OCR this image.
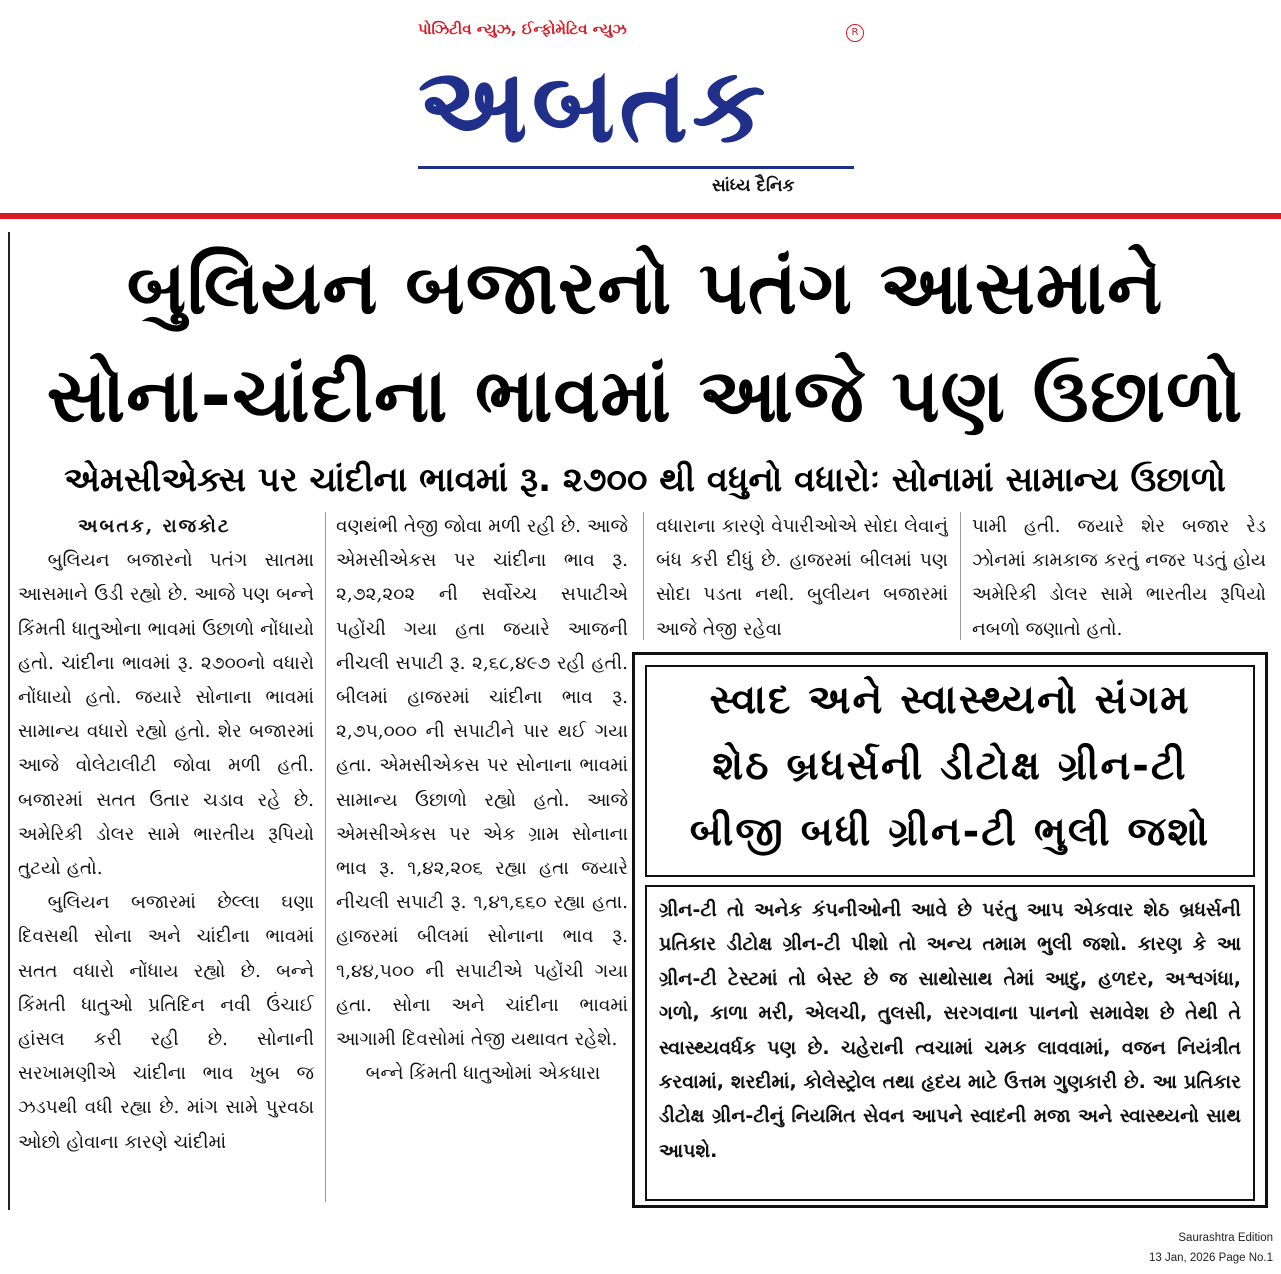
પોઝિટીવ ન્યુઝ, ઈન્ફોમેટિવ ન્યુઝ
અબતક
R
સાંધ્ય દૈનિક
બુલિયન બજારનો પતંગ આસમાને
સોના-ચાંદીના ભાવમાં આજે પણ ઉછાળો
એમસીએક્સ પર ચાંદીના ભાવમાં રૂ. ૨૭૦૦ થી વધુનો વધારોઃ સોનામાં સામાન્ય ઉછાળો

અબતક, રાજકોટ

બુલિયન બજારનો પતંગ સાતમા આસમાને ઉડી રહ્યો છે. આજે પણ બન્ને કિંમતી ધાતુઓના ભાવમાં ઉછાળો નોંધાયો હતો. ચાંદીના ભાવમાં રૂ. ૨૭૦૦નો વધારો નોંધાયો હતો. જયારે સોનાના ભાવમાં સામાન્ય વધારો રહ્યો હતો. શેર બજારમાં આજે વોલેટાલીટી જોવા મળી હતી. બજારમાં સતત ઉતાર ચડાવ રહે છે. અમેરિકી ડોલર સામે ભારતીય રૂપિયો તુટયો હતો.

બુલિયન બજારમાં છેલ્લા ઘણા દિવસથી સોના અને ચાંદીના ભાવમાં સતત વધારો નોંધાય રહ્યો છે. બન્ને કિંમતી ધાતુઓ પ્રતિદિન નવી ઉંચાઈ હાંસલ કરી રહી છે. સોનાની સરખામણીએ ચાંદીના ભાવ ખુબ જ ઝડપથી વધી રહ્યા છે. માંગ સામે પુરવઠા ઓછો હોવાના કારણે ચાંદીમાં

વણથંભી તેજી જોવા મળી રહી છે. આજે એમસીએકસ પર ચાંદીના ભાવ રૂ. ૨,૭૨,૨૦૨ ની સર્વોચ્ચ સપાટીએ પહોંચી ગયા હતા જયારે આજની નીચલી સપાટી રૂ. ૨,૬૮,૪૯૭ રહી હતી. બીલમાં હાજરમાં ચાંદીના ભાવ રૂ. ૨,૭૫,૦૦૦ ની સપાટીને પાર થઈ ગયા હતા. એમસીએકસ પર સોનાના ભાવમાં સામાન્ય ઉછાળો રહ્યો હતો. આજે એમસીએકસ પર એક ગ્રામ સોનાના ભાવ રૂ. ૧,૪૨,૨૦૬ રહ્યા હતા જયારે નીચલી સપાટી રૂ. ૧,૪૧,૬૬૦ રહ્યા હતા. હાજરમાં બીલમાં સોનાના ભાવ રૂ. ૧,૪૪,૫૦૦ ની સપાટીએ પહોંચી ગયા હતા. સોના અને ચાંદીના ભાવમાં આગામી દિવસોમાં તેજી યથાવત રહેશે.

બન્ને કિંમતી ધાતુઓમાં એકધારા

વધારાના કારણે વેપારીઓએ સોદા લેવાનું બંધ કરી દીધું છે. હાજરમાં બીલમાં પણ સોદા પડતા નથી. બુલીયન બજારમાં આજે તેજી રહેવા

પામી હતી. જયારે શેર બજાર રેડ ઝોનમાં કામકાજ કરતું નજર પડતું હોય અમેરિકી ડોલર સામે ભારતીય રૂપિયો નબળો જણાતો હતો.

સ્વાદ અને સ્વાસ્થ્યનો સંગમ
શેઠ બ્રધર્સની ડીટોક્ષ ગ્રીન-ટી
બીજી બધી ગ્રીન-ટી ભુલી જશો
ગ્રીન-ટી તો અનેક કંપનીઓની આવે છે પરંતુ આપ એકવાર શેઠ બ્રધર્સની પ્રતિકાર ડીટોક્ષ ગ્રીન-ટી પીશો તો અન્ય તમામ ભુલી જશો. કારણ કે આ ગ્રીન-ટી ટેસ્ટમાં તો બેસ્ટ છે જ સાથોસાથ તેમાં આદુ, હળદર, અશ્વગંધા, ગળો, કાળા મરી, એલચી, તુલસી, સરગવાના પાનનો સમાવેશ છે તેથી તે સ્વાસ્થ્યવર્ધક પણ છે. ચહેરાની ત્વચામાં ચમક લાવવામાં, વજન નિયંત્રીત કરવામાં, શરદીમાં, કોલેસ્ટ્રોલ તથા હૃદય માટે ઉત્તમ ગુણકારી છે. આ પ્રતિકાર ડીટોક્ષ ગ્રીન-ટીનું નિયમિત સેવન આપને સ્વાદની મજા અને સ્વાસ્થ્યનો સાથ આપશે.
Saurashtra Edition
13 Jan, 2026 Page No.1
